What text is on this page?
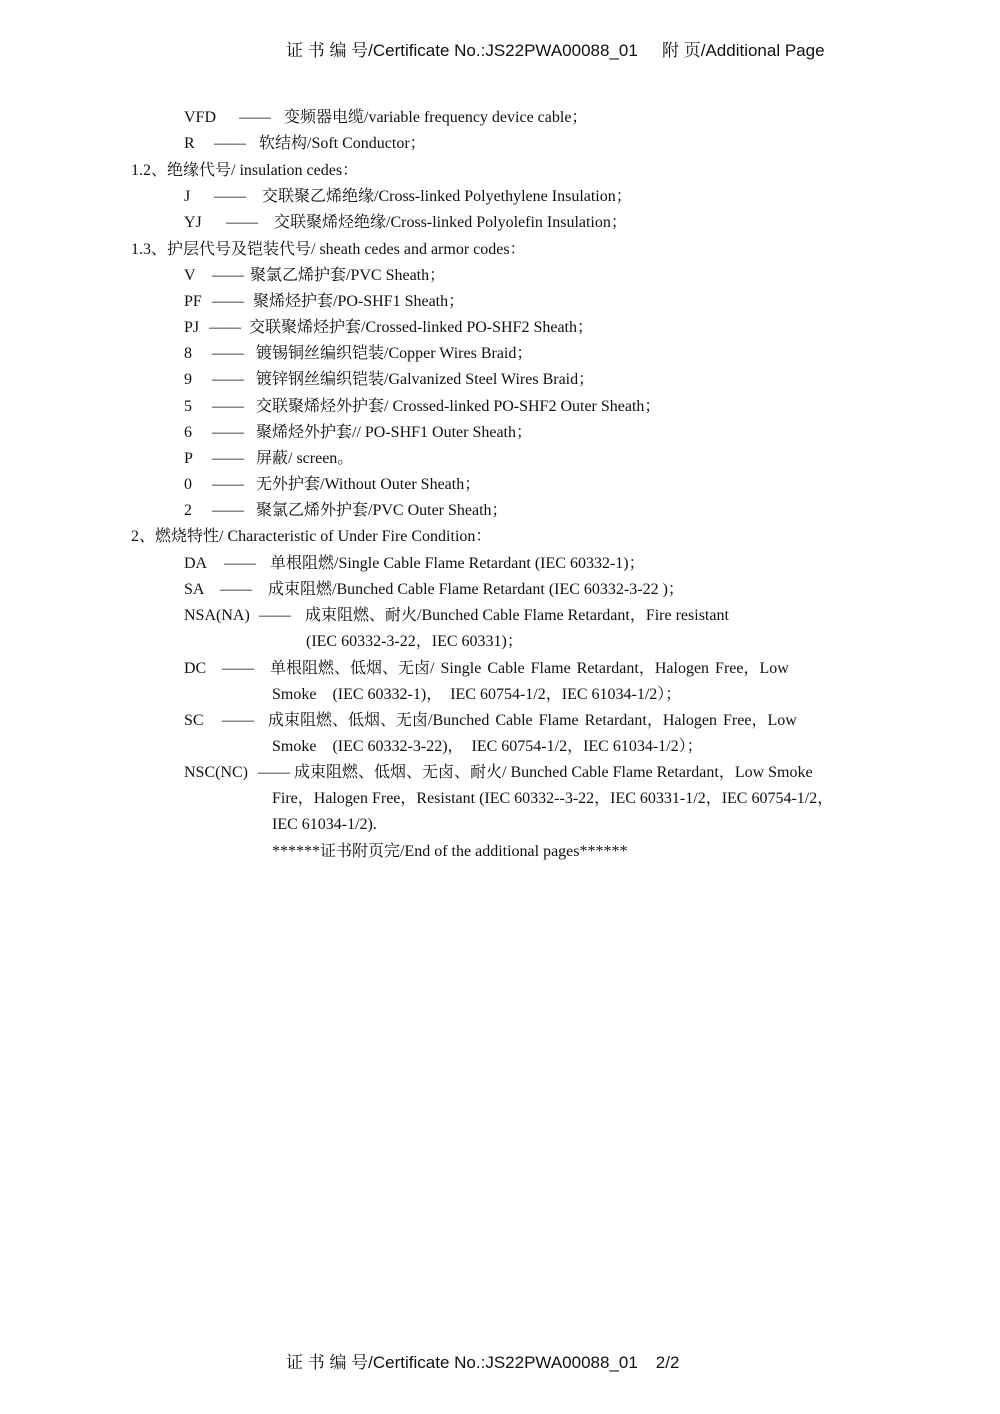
证 书 编 号/Certificate No.:JS22PWA00088_01 附 页/Additional Page
VFD —— 变频器电缆/variable frequency device cable；
R —— 软结构/Soft Conductor；
1.2、绝缘代号/ insulation cedes：
J —— 交联聚乙烯绝缘/Cross-linked Polyethylene Insulation；
YJ —— 交联聚烯烃绝缘/Cross-linked Polyolefin Insulation；
1.3、护层代号及铠装代号/ sheath cedes and armor codes：
V —— 聚氯乙烯护套/PVC Sheath；
PF —— 聚烯烃护套/PO-SHF1 Sheath；
PJ —— 交联聚烯烃护套/Crossed-linked PO-SHF2 Sheath；
8 —— 镀锡铜丝编织铠装/Copper Wires Braid；
9 —— 镀锌钢丝编织铠装/Galvanized Steel Wires Braid；
5 —— 交联聚烯烃外护套/ Crossed-linked PO-SHF2 Outer Sheath；
6 —— 聚烯烃外护套// PO-SHF1 Outer Sheath；
P —— 屏蔽/ screen。
0 —— 无外护套/Without Outer Sheath；
2 —— 聚氯乙烯外护套/PVC Outer Sheath；
2、燃烧特性/ Characteristic of Under Fire Condition：
DA —— 单根阻燃/Single Cable Flame Retardant (IEC 60332-1)；
SA —— 成束阻燃/Bunched Cable Flame Retardant (IEC 60332-3-22 )；
NSA(NA) —— 成束阻燃、耐火/Bunched Cable Flame Retardant，Fire resistant
(IEC 60332-3-22，IEC 60331)；
DC —— 单根阻燃、低烟、无卤/ Single Cable Flame Retardant，Halogen Free，Low
Smoke　(IEC 60332-1)，　IEC 60754-1/2，IEC 61034-1/2）；
SC —— 成束阻燃、低烟、无卤/Bunched Cable Flame Retardant，Halogen Free，Low
Smoke　(IEC 60332-3-22)，　IEC 60754-1/2，IEC 61034-1/2）；
NSC(NC) —— 成束阻燃、低烟、无卤、耐火/ Bunched Cable Flame Retardant，Low Smoke
Fire，Halogen Free，Resistant (IEC 60332--3-22，IEC 60331-1/2，IEC 60754-1/2，
IEC 61034-1/2).
******证书附页完/End of the additional pages******
证 书 编 号/Certificate No.:JS22PWA00088_01 2/2
